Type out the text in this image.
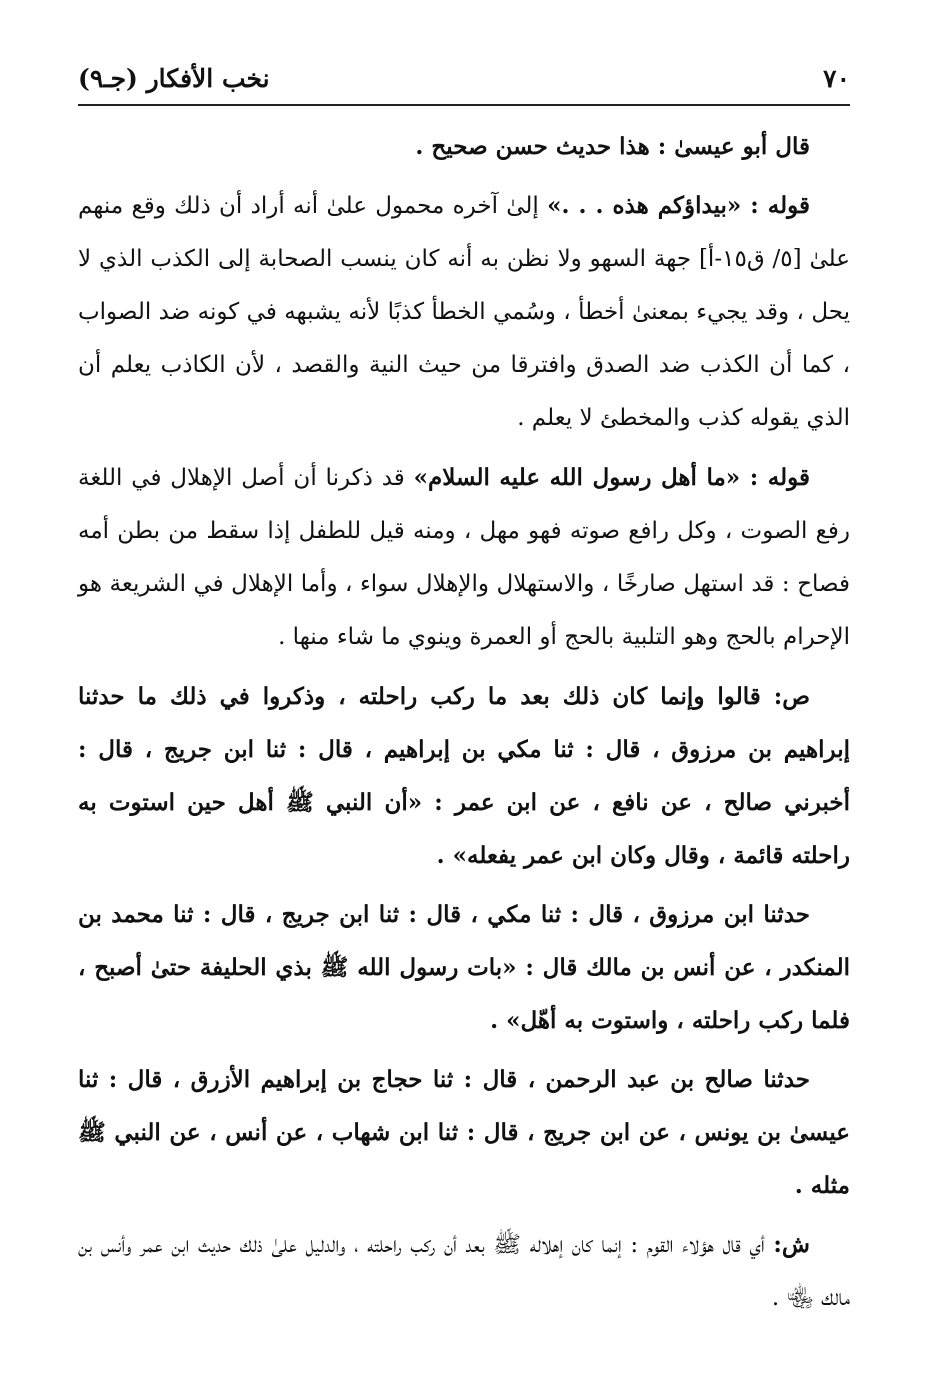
٧٠
نخب الأفكار (جـ٩)

قال أبو عيسىٰ : هذا حديث حسن صحيح .

قوله : «بيداؤكم هذه . . .» إلىٰ آخره محمول علىٰ أنه أراد أن ذلك وقع منهم علىٰ [٥/ ق١٥-أ] جهة السهو ولا نظن به أنه كان ينسب الصحابة إلى الكذب الذي لا يحل ، وقد يجيء بمعنىٰ أخطأ ، وسُمي الخطأ كذبًا لأنه يشبهه في كونه ضد الصواب ، كما أن الكذب ضد الصدق وافترقا من حيث النية والقصد ، لأن الكاذب يعلم أن الذي يقوله كذب والمخطئ لا يعلم .

قوله : «ما أهل رسول الله عليه السلام» قد ذكرنا أن أصل الإهلال في اللغة رفع الصوت ، وكل رافع صوته فهو مهل ، ومنه قيل للطفل إذا سقط من بطن أمه فصاح : قد استهل صارخًا ، والاستهلال والإهلال سواء ، وأما الإهلال في الشريعة هو الإحرام بالحج وهو التلبية بالحج أو العمرة وينوي ما شاء منها .

ص: قالوا وإنما كان ذلك بعد ما ركب راحلته ، وذكروا في ذلك ما حدثنا إبراهيم بن مرزوق ، قال : ثنا مكي بن إبراهيم ، قال : ثنا ابن جريج ، قال : أخبرني صالح ، عن نافع ، عن ابن عمر : «أن النبي ﷺ أهل حين استوت به راحلته قائمة ، وقال وكان ابن عمر يفعله» .

حدثنا ابن مرزوق ، قال : ثنا مكي ، قال : ثنا ابن جريج ، قال : ثنا محمد بن المنكدر ، عن أنس بن مالك قال : «بات رسول الله ﷺ بذي الحليفة حتىٰ أصبح ، فلما ركب راحلته ، واستوت به أهّل» .

حدثنا صالح بن عبد الرحمن ، قال : ثنا حجاج بن إبراهيم الأزرق ، قال : ثنا عيسىٰ بن يونس ، عن ابن جريج ، قال : ثنا ابن شهاب ، عن أنس ، عن النبي ﷺ مثله .

ش: أي قال هؤلاء القوم : إنما كان إهلاله ﷺ بعد أن ركب راحلته ، والدليل علىٰ ذلك حديث ابن عمر وأنس بن مالك ﵄ .
